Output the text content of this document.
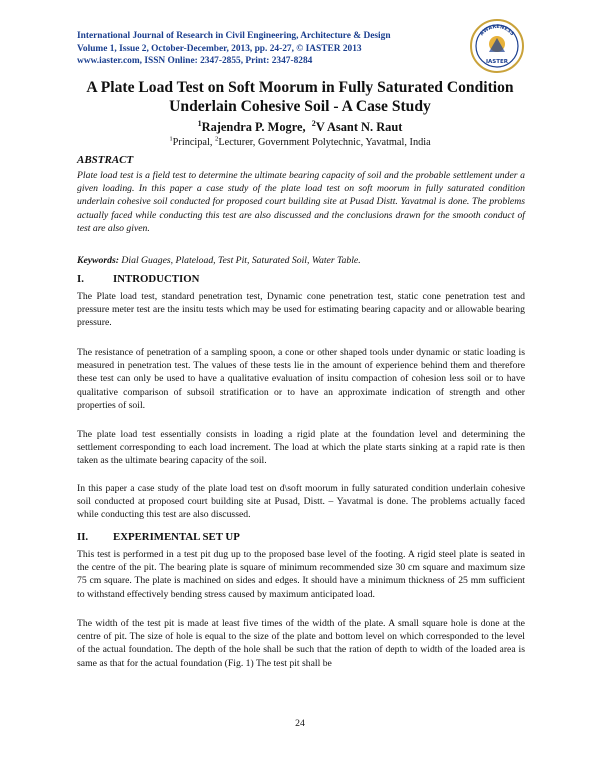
International Journal of Research in Civil Engineering, Architecture & Design
Volume 1, Issue 2, October-December, 2013, pp. 24-27, © IASTER 2013
www.iaster.com, ISSN Online: 2347-2855, Print: 2347-8284
AWARENESS
IASTER
A Plate Load Test on Soft Moorum in Fully Saturated Condition
Underlain Cohesive Soil - A Case Study
$^1$Rajendra P. Mogre, $^2$V Asant N. Raut
$^1$Principal, $^2$Lecturer, Government Polytechnic, Yavatmal, India
ABSTRACT
Plate load test is a field test to determine the ultimate bearing capacity of soil and the probable settlement under a given loading. In this paper a case study of the plate load test on soft moorum in fully saturated condition underlain cohesive soil conducted for proposed court building site at Pusad Distt. Yavatmal is done. The problems actually faced while conducting this test are also discussed and the conclusions drawn for the smooth conduct of test are also given.
Keywords: Dial Guages, Plateload, Test Pit, Saturated Soil, Water Table.
I.	INTRODUCTION
The Plate load test, standard penetration test, Dynamic cone penetration test, static cone penetration test and pressure meter test are the insitu tests which may be used for estimating bearing capacity and or allowable bearing pressure.
The resistance of penetration of a sampling spoon, a cone or other shaped tools under dynamic or static loading is measured in penetration test. The values of these tests lie in the amount of experience behind them and therefore these test can only be used to have a qualitative evaluation of insitu compaction of cohesion less soil or to have qualitative comparison of subsoil stratification or to have an approximate indication of strength and other properties of soil.
The plate load test essentially consists in loading a rigid plate at the foundation level and determining the settlement corresponding to each load increment. The load at which the plate starts sinking at a rapid rate is then taken as the ultimate bearing capacity of the soil.
In this paper a case study of the plate load test on d\soft moorum in fully saturated condition underlain cohesive soil conducted at proposed court building site at Pusad, Distt. – Yavatmal is done. The problems actually faced while conducting this test are also discussed.
II. EXPERIMENTAL SET UP
This test is performed in a test pit dug up to the proposed base level of the footing. A rigid steel plate is seated in the centre of the pit. The bearing plate is square of minimum recommended size 30 cm square and maximum size 75 cm square. The plate is machined on sides and edges. It should have a minimum thickness of 25 mm sufficient to withstand effectively bending stress caused by maximum anticipated load.
The width of the test pit is made at least five times of the width of the plate. A small square hole is done at the centre of pit. The size of hole is equal to the size of the plate and bottom level on which corresponded to the level of the actual foundation. The depth of the hole shall be such that the ration of depth to width of the loaded area is same as that for the actual foundation (Fig. 1) The test pit shall be
24
